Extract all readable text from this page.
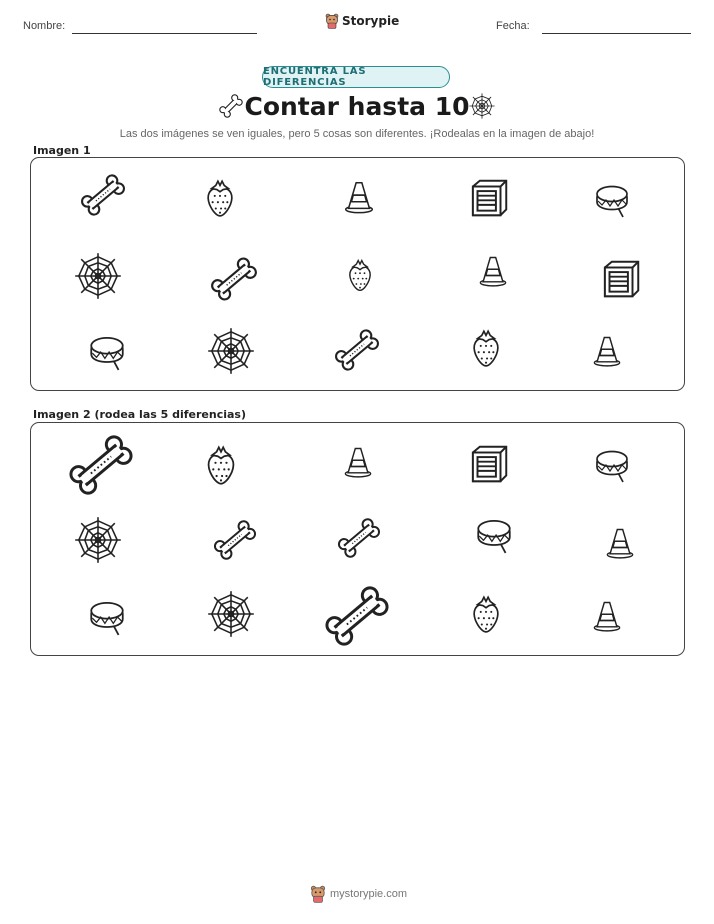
Nombre:	Storypie	Fecha:
ENCUENTRA LAS DIFERENCIAS
Contar hasta 10
Las dos imágenes se ven iguales, pero 5 cosas son diferentes. ¡Rodealas en la imagen de abajo!
Imagen 1
Imagen 2 (rodea las 5 diferencias)
mystorypie.com
